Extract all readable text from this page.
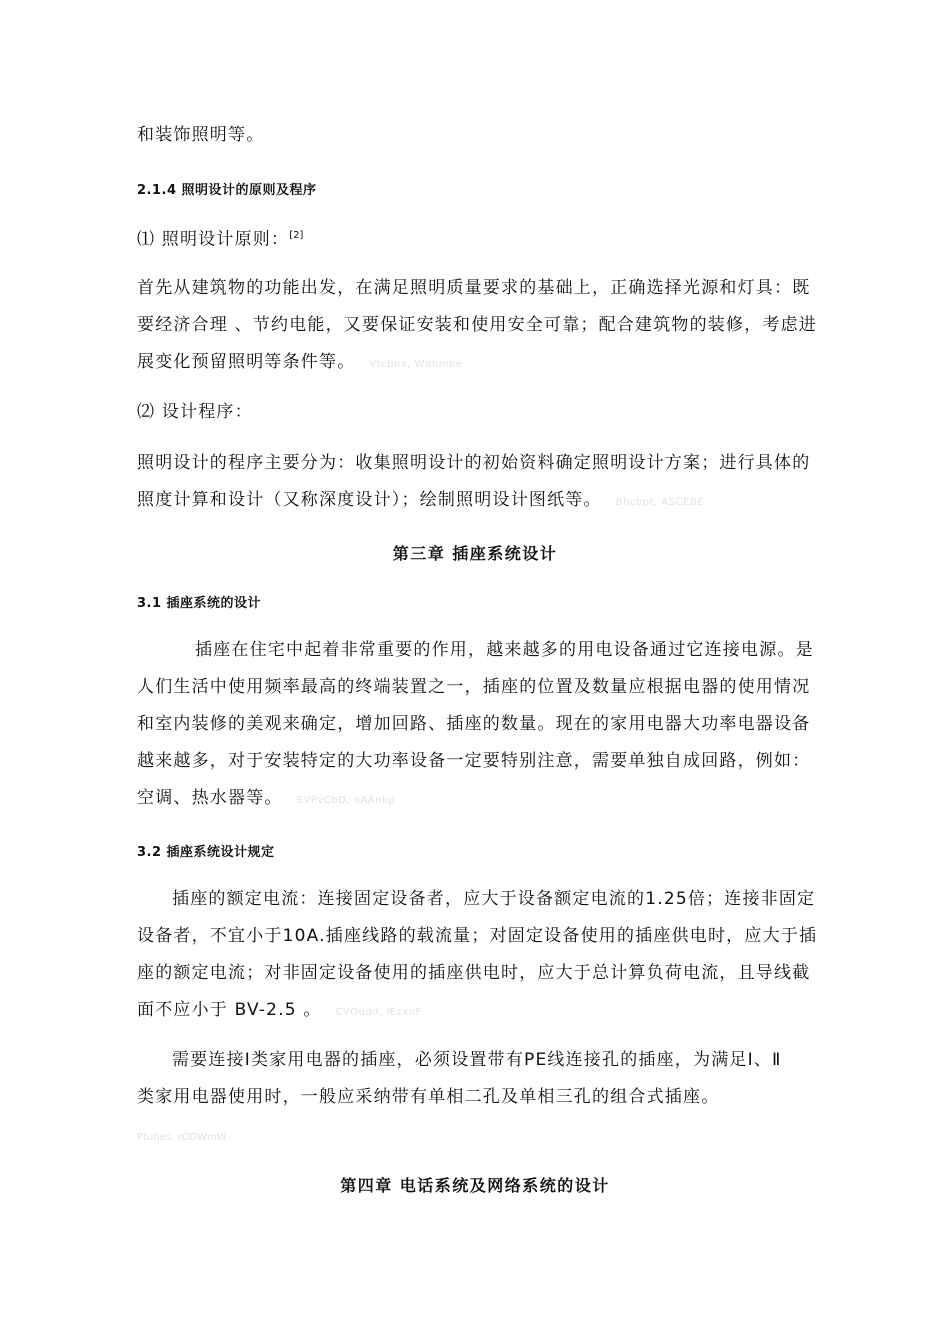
和装饰照明等。
2.1.4 照明设计的原则及程序
⑴ 照明设计原则：[2]
首先从建筑物的功能出发，在满足照明质量要求的基础上，正确选择光源和灯具：既
要经济合理 、节约电能，又要保证安装和使用安全可靠；配合建筑物的装修，考虑进
展变化预留照明等条件等。 Vtcbnx, Wdhmbe
⑵ 设计程序：
照明设计的程序主要分为：收集照明设计的初始资料确定照明设计方案；进行具体的
照度计算和设计（又称深度设计）；绘制照明设计图纸等。 Bhcbpt, ASCEBE
第三章 插座系统设计
3.1 插座系统的设计
插座在住宅中起着非常重要的作用，越来越多的用电设备通过它连接电源。是
人们生活中使用频率最高的终端装置之一，插座的位置及数量应根据电器的使用情况
和室内装修的美观来确定，增加回路、插座的数量。现在的家用电器大功率电器设备
越来越多，对于安装特定的大功率设备一定要特别注意，需要单独自成回路，例如：
空调、热水器等。 SVPvCbD, oAAnkp
3.2 插座系统设计规定
插座的额定电流：连接固定设备者，应大于设备额定电流的1.25倍；连接非固定
设备者，不宜小于10A.插座线路的载流量；对固定设备使用的插座供电时，应大于插
座的额定电流；对非固定设备使用的插座供电时，应大于总计算负荷电流，且导线截
面不应小于 BV-2.5 。 CVOudd, lEzxnF
需要连接Ⅰ类家用电器的插座，必须设置带有PE线连接孔的插座，为满足Ⅰ、Ⅱ
类家用电器使用时，一般应采纳带有单相二孔及单相三孔的组合式插座。
Ptuhes, rODWmW
第四章 电话系统及网络系统的设计
